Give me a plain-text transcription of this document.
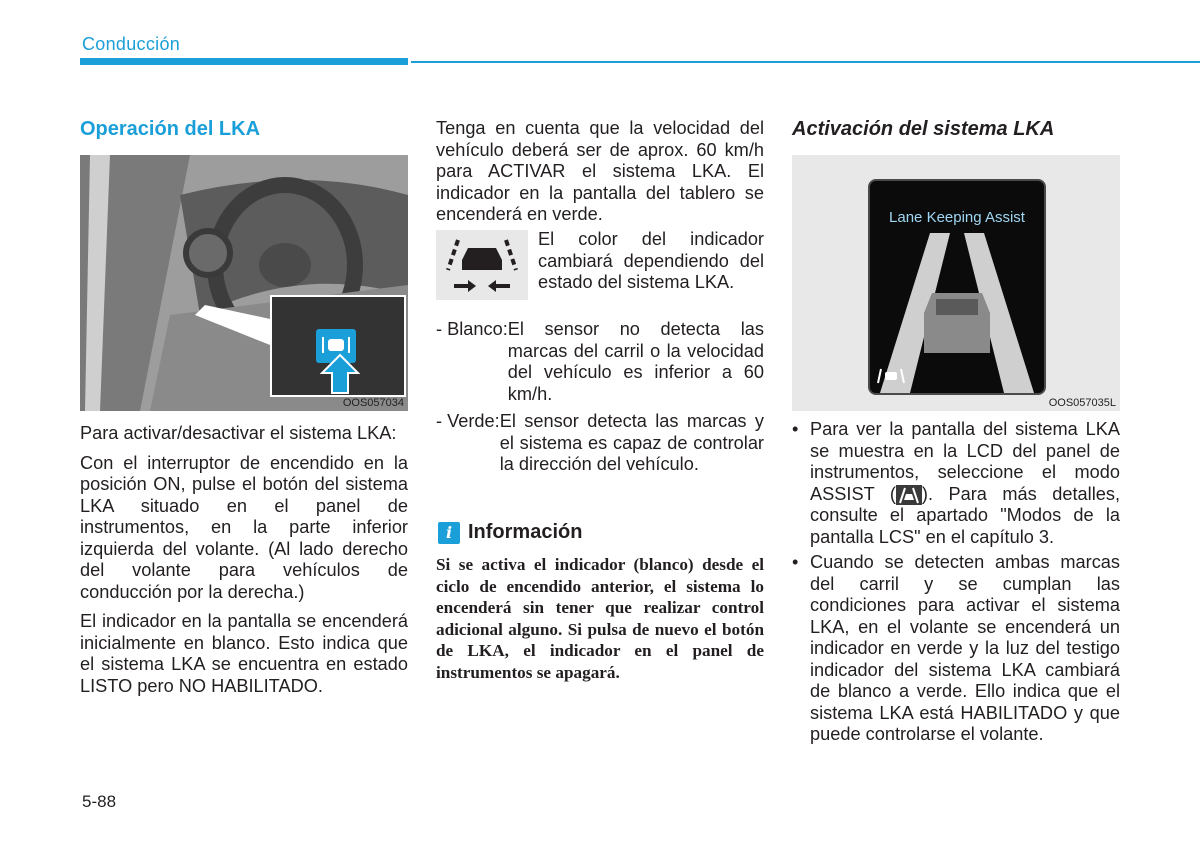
Conducción
Operación del LKA
OOS057034

Para activar/desactivar el sistema LKA:

Con el interruptor de encendido en la posición ON, pulse el botón del sistema LKA situado en el panel de instrumentos, en la parte inferior izquierda del volante. (Al lado derecho del volante para vehículos de conducción por la derecha.)

El indicador en la pantalla se encenderá inicialmente en blanco. Esto indica que el sistema LKA se encuentra en estado LISTO pero NO HABILITADO.

Tenga en cuenta que la velocidad del vehículo deberá ser de aprox. 60 km/h para ACTIVAR el sistema LKA. El indicador en la pantalla del tablero se encenderá en verde.
El color del indicador cambiará dependiendo del estado del sistema LKA.
- Blanco: El sensor no detecta las marcas del carril o la velocidad del vehículo es inferior a 60 km/h.
- Verde: El sensor detecta las marcas y el sistema es capaz de controlar la dirección del vehículo.
i Información
Si se activa el indicador (blanco) desde el ciclo de encendido anterior, el sistema lo encenderá sin tener que realizar control adicional alguno. Si pulsa de nuevo el botón de LKA, el indicador en el panel de instrumentos se apagará.
Activación del sistema LKA
Lane Keeping Assist
OOS057035L
• Para ver la pantalla del sistema LKA se muestra en la LCD del panel de instrumentos, seleccione el modo ASSIST ( ). Para más detalles, consulte el apartado "Modos de la pantalla LCS" en el capítulo 3.
• Cuando se detecten ambas marcas del carril y se cumplan las condiciones para activar el sistema LKA, en el volante se encenderá un indicador en verde y la luz del testigo indicador del sistema LKA cambiará de blanco a verde. Ello indica que el sistema LKA está HABILITADO y que puede controlarse el volante.
5-88
